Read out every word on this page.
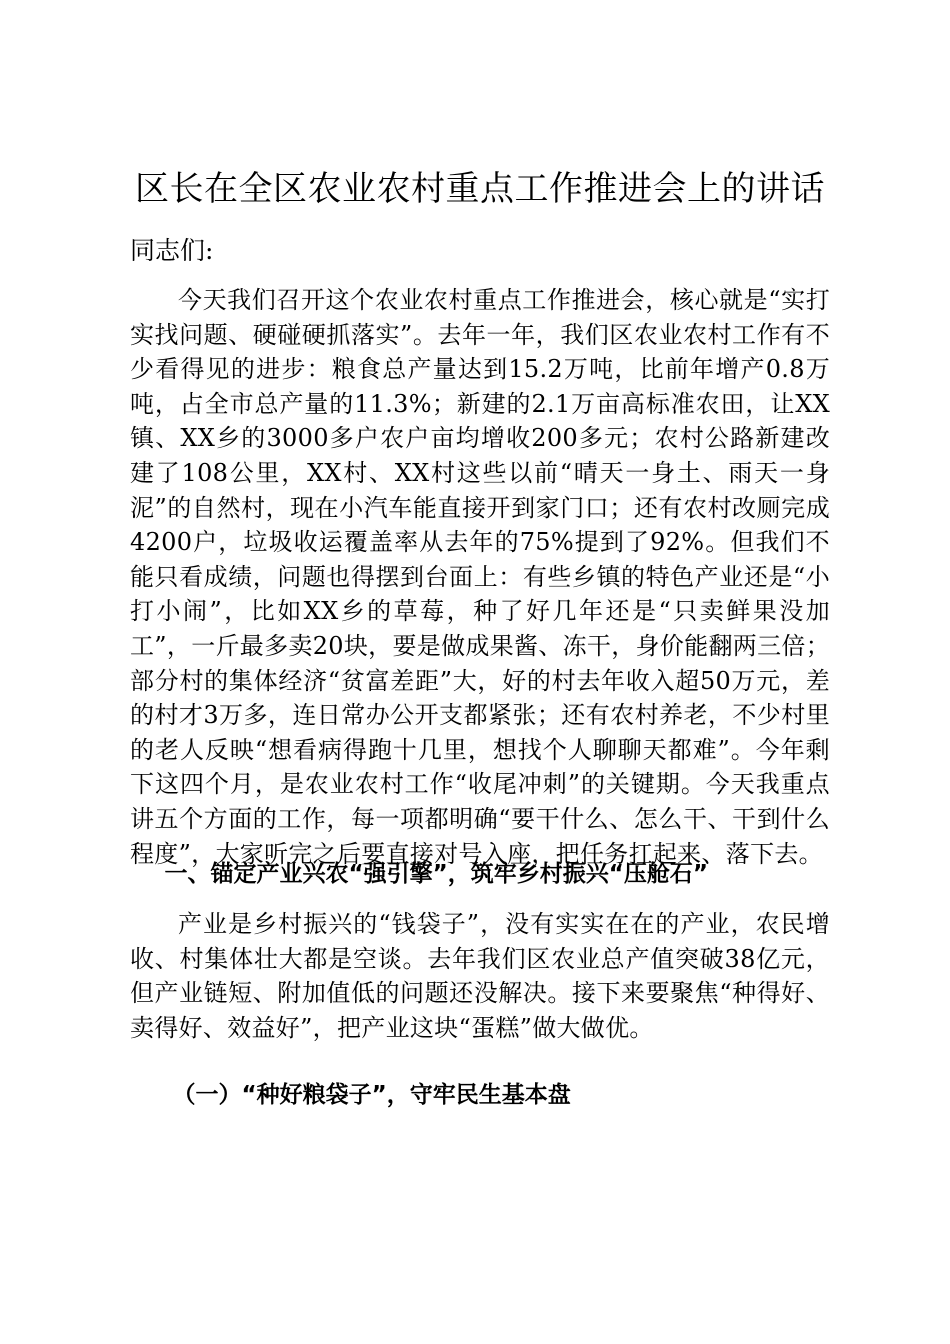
区长在全区农业农村重点工作推进会上的讲话

同志们:

今天我们召开这个农业农村重点工作推进会，核心就是“实打实找问题、硬碰硬抓落实”。去年一年，我们区农业农村工作有不少看得见的进步：粮食总产量达到15.2万吨，比前年增产0.8万吨，占全市总产量的11.3%；新建的2.1万亩高标准农田，让XX镇、XX乡的3000多户农户亩均增收200多元；农村公路新建改建了108公里，XX村、XX村这些以前“晴天一身土、雨天一身泥”的自然村，现在小汽车能直接开到家门口；还有农村改厕完成4200户，垃圾收运覆盖率从去年的75%提到了92%。但我们不能只看成绩，问题也得摆到台面上：有些乡镇的特色产业还是“小打小闹”，比如XX乡的草莓，种了好几年还是“只卖鲜果没加工”，一斤最多卖20块，要是做成果酱、冻干，身价能翻两三倍；部分村的集体经济“贫富差距”大，好的村去年收入超50万元，差的村才3万多，连日常办公开支都紧张；还有农村养老，不少村里的老人反映“想看病得跑十几里，想找个人聊聊天都难”。今年剩下这四个月，是农业农村工作“收尾冲刺”的关键期。今天我重点讲五个方面的工作，每一项都明确“要干什么、怎么干、干到什么程度”，大家听完之后要直接对号入座，把任务扛起来、落下去。

一、锚定产业兴农“强引擎”，筑牢乡村振兴“压舱石”

产业是乡村振兴的“钱袋子”，没有实实在在的产业，农民增收、村集体壮大都是空谈。去年我们区农业总产值突破38亿元，但产业链短、附加值低的问题还没解决。接下来要聚焦“种得好、卖得好、效益好”，把产业这块“蛋糕”做大做优。

（一）“种好粮袋子”，守牢民生基本盘
